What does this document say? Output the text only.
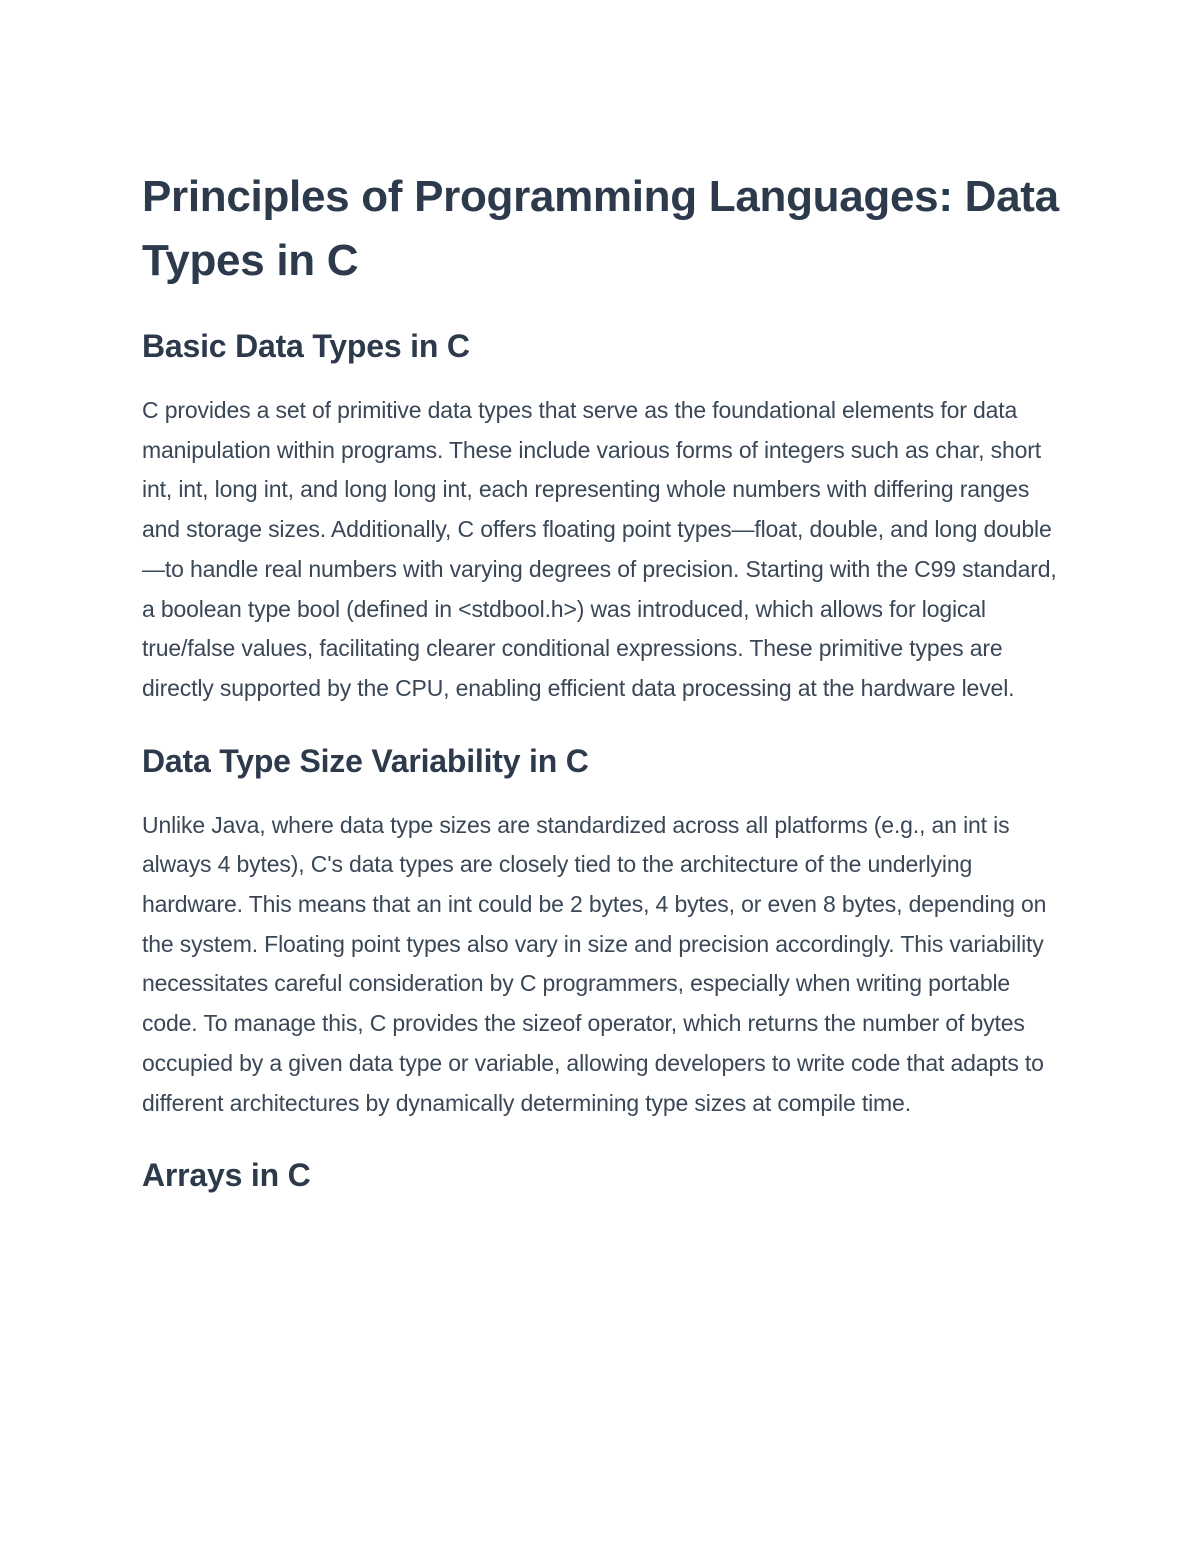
Principles of Programming Languages: Data Types in C
Basic Data Types in C

C provides a set of primitive data types that serve as the foundational elements for data manipulation within programs. These include various forms of integers such as char, short int, int, long int, and long long int, each representing whole numbers with differing ranges and storage sizes. Additionally, C offers floating point types—float, double, and long double—to handle real numbers with varying degrees of precision. Starting with the C99 standard, a boolean type bool (defined in <stdbool.h>) was introduced, which allows for logical true/false values, facilitating clearer conditional expressions. These primitive types are directly supported by the CPU, enabling efficient data processing at the hardware level.

Data Type Size Variability in C

Unlike Java, where data type sizes are standardized across all platforms (e.g., an int is always 4 bytes), C's data types are closely tied to the architecture of the underlying hardware. This means that an int could be 2 bytes, 4 bytes, or even 8 bytes, depending on the system. Floating point types also vary in size and precision accordingly. This variability necessitates careful consideration by C programmers, especially when writing portable code. To manage this, C provides the sizeof operator, which returns the number of bytes occupied by a given data type or variable, allowing developers to write code that adapts to different architectures by dynamically determining type sizes at compile time.

Arrays in C
